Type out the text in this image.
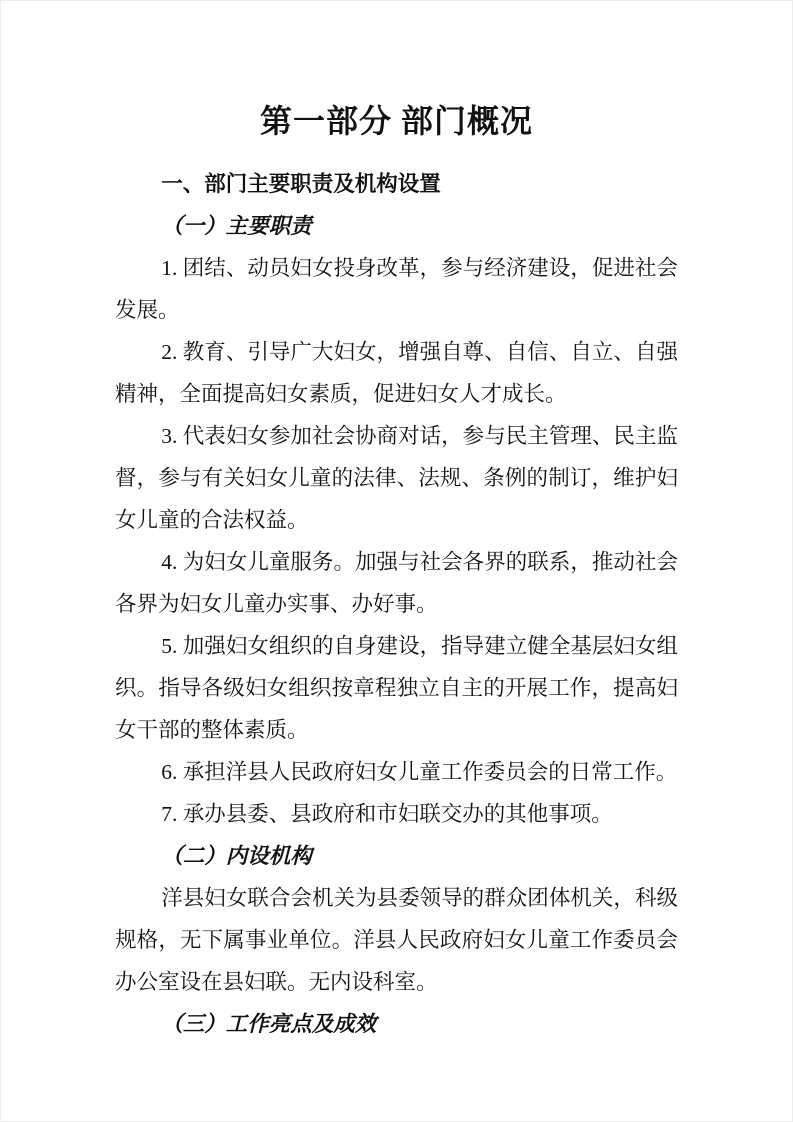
第一部分 部门概况
一、部门主要职责及机构设置
（一）主要职责

1. 团结、动员妇女投身改革，参与经济建设，促进社会发展。

2. 教育、引导广大妇女，增强自尊、自信、自立、自强精神，全面提高妇女素质，促进妇女人才成长。

3. 代表妇女参加社会协商对话，参与民主管理、民主监督，参与有关妇女儿童的法律、法规、条例的制订，维护妇女儿童的合法权益。

4. 为妇女儿童服务。加强与社会各界的联系，推动社会各界为妇女儿童办实事、办好事。

5. 加强妇女组织的自身建设，指导建立健全基层妇女组织。指导各级妇女组织按章程独立自主的开展工作，提高妇女干部的整体素质。

6. 承担洋县人民政府妇女儿童工作委员会的日常工作。

7. 承办县委、县政府和市妇联交办的其他事项。

（二）内设机构

洋县妇女联合会机关为县委领导的群众团体机关，科级规格，无下属事业单位。洋县人民政府妇女儿童工作委员会办公室设在县妇联。无内设科室。

（三）工作亮点及成效
